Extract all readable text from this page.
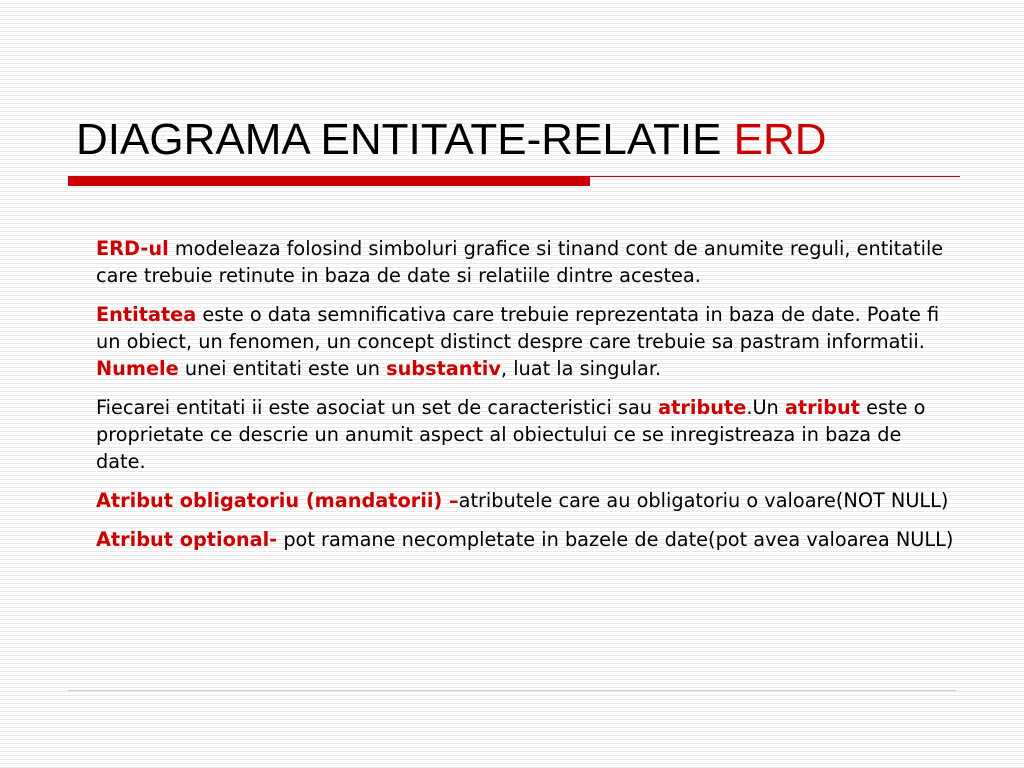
DIAGRAMA ENTITATE-RELATIE ERD

ERD-ul modeleaza folosind simboluri grafice si tinand cont de anumite reguli, entitatile care trebuie retinute in baza de date si relatiile dintre acestea.

Entitatea este o data semnificativa care trebuie reprezentata in baza de date. Poate fi un obiect, un fenomen, un concept distinct despre care trebuie sa pastram informatii. Numele unei entitati este un substantiv, luat la singular.

Fiecarei entitati ii este asociat un set de caracteristici sau atribute.Un atribut este o proprietate ce descrie un anumit aspect al obiectului ce se inregistreaza in baza de date.

Atribut obligatoriu (mandatorii) –atributele care au obligatoriu o valoare(NOT NULL)

Atribut optional- pot ramane necompletate in bazele de date(pot avea valoarea NULL)
